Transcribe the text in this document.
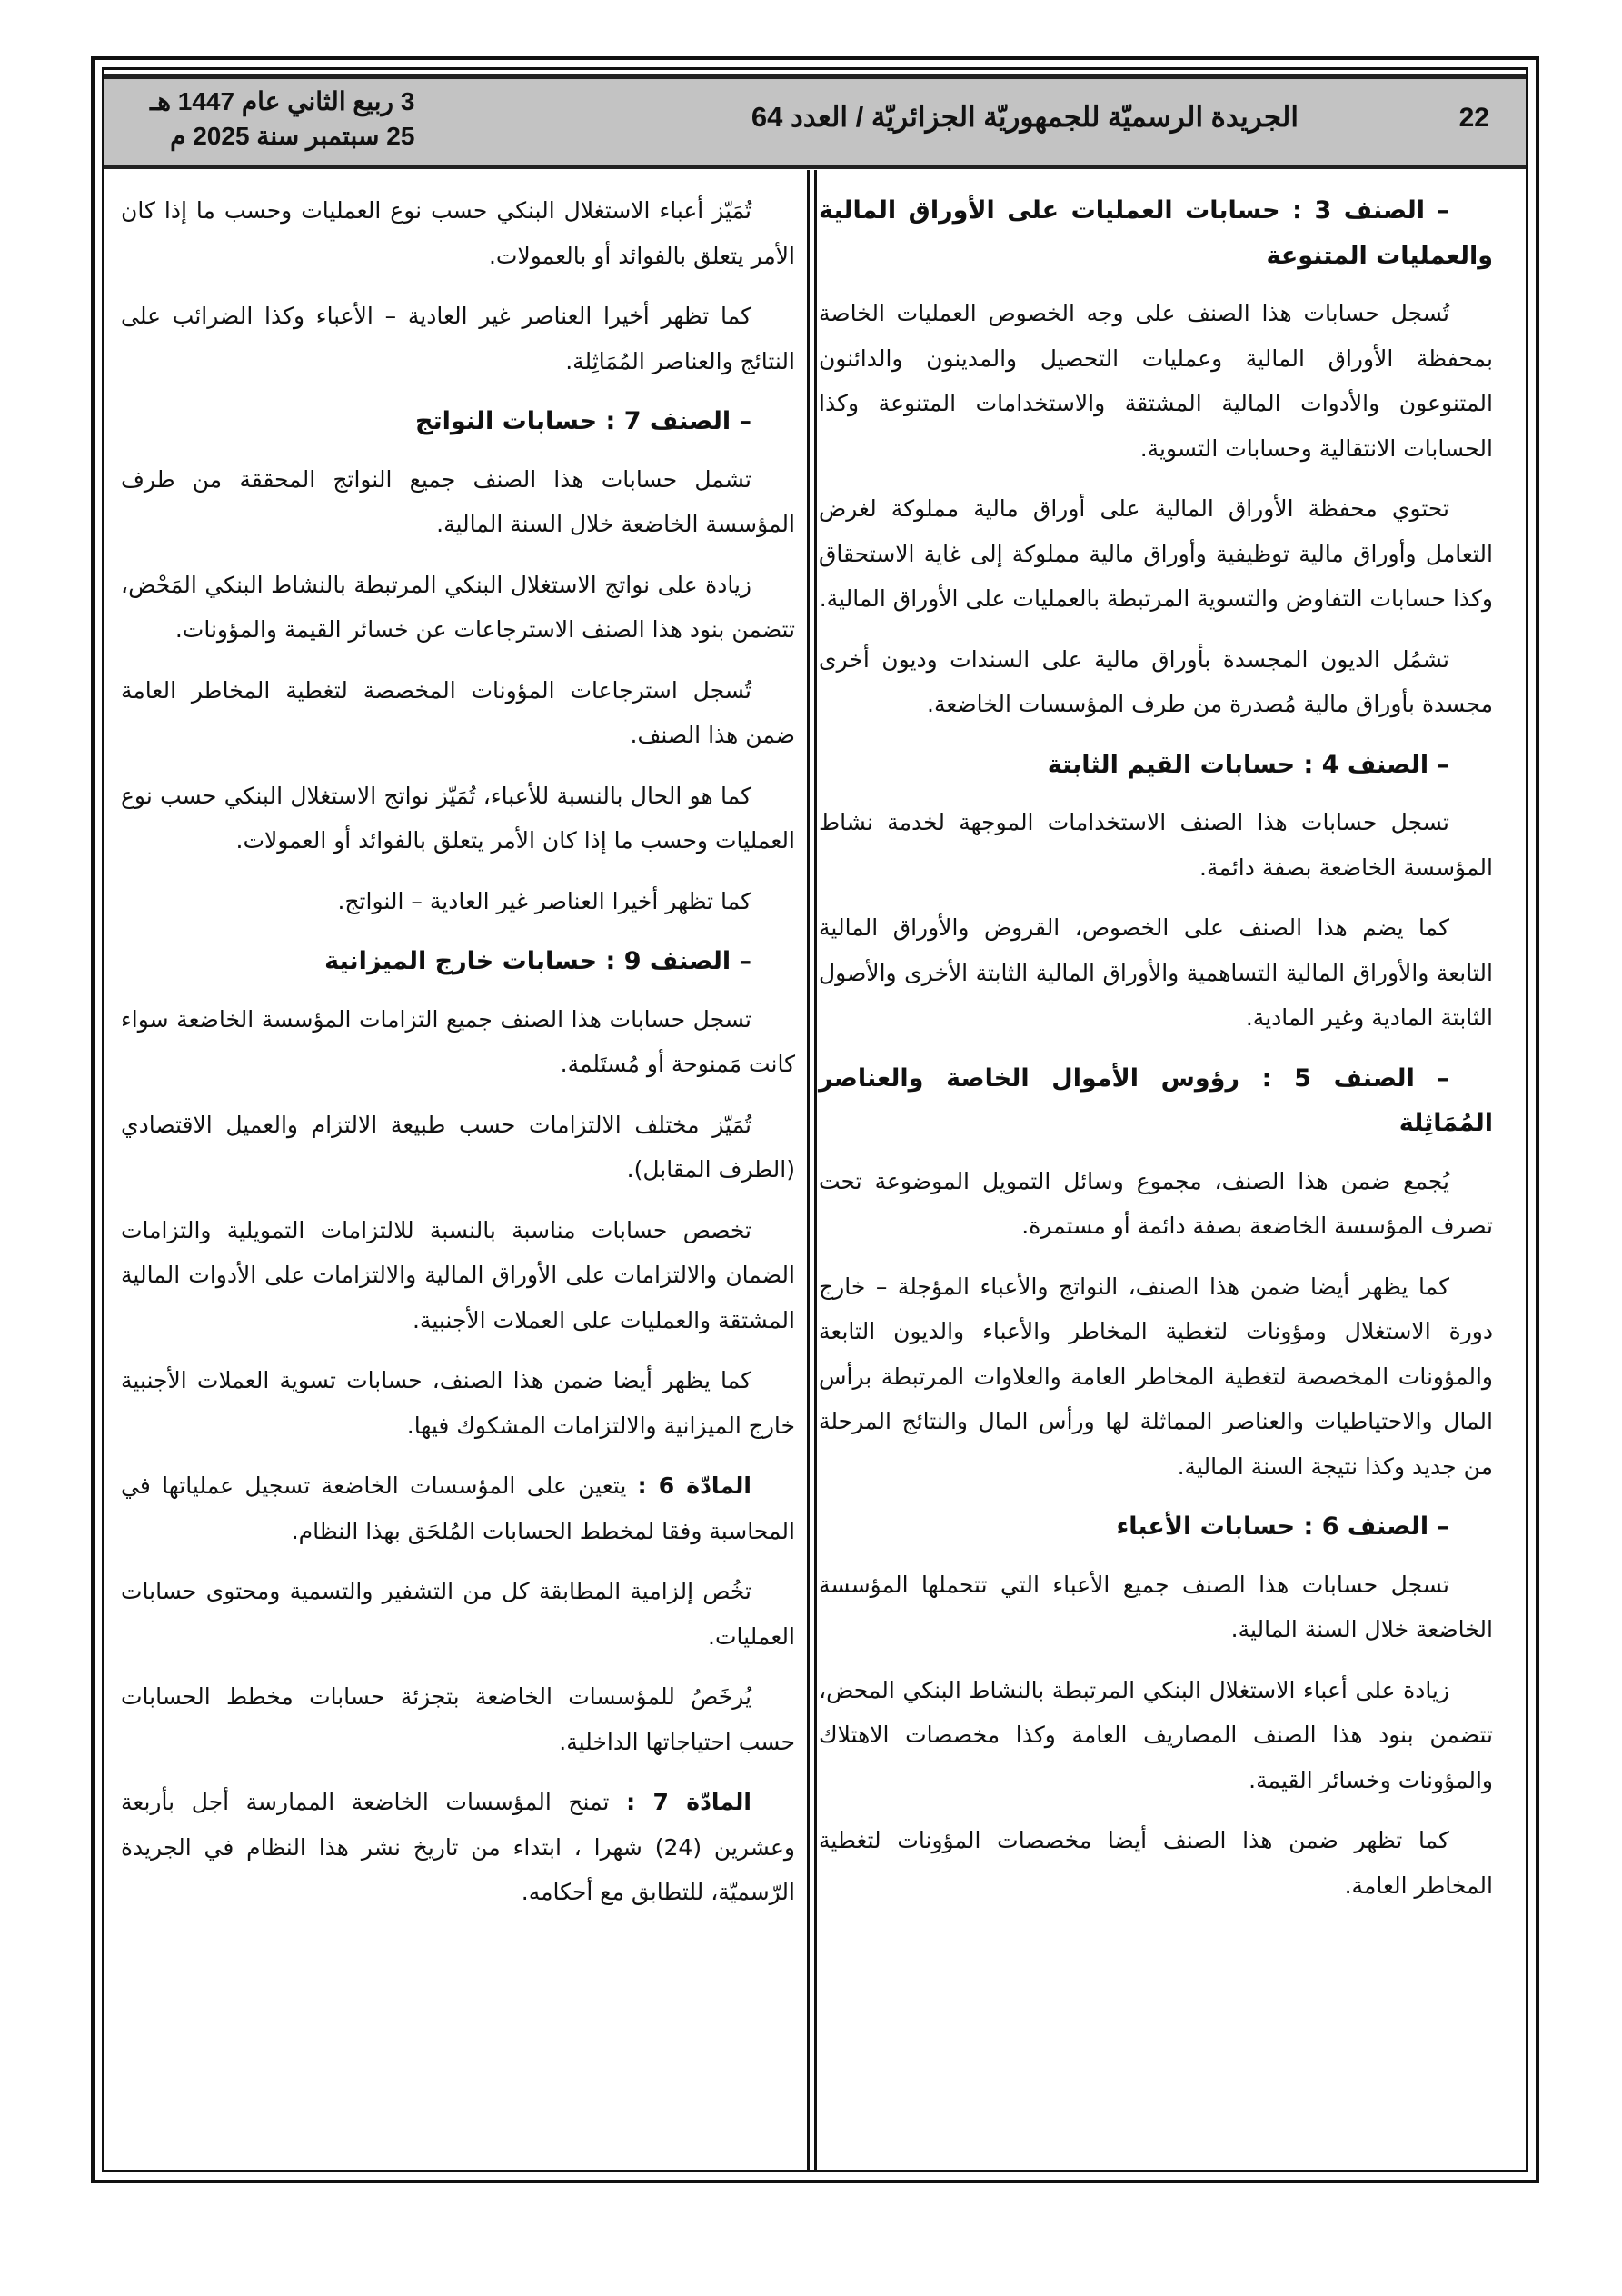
22
الجريدة الرسميّة للجمهوريّة الجزائريّة / العدد 64
3 ربيع الثاني عام 1447 هـ
25 سبتمبر سنة 2025 م

– الصنف 3 : حسابات العمليات على الأوراق المالية والعمليات المتنوعة

تُسجل حسابات هذا الصنف على وجه الخصوص العمليات الخاصة بمحفظة الأوراق المالية وعمليات التحصيل والمدينون والدائنون المتنوعون والأدوات المالية المشتقة والاستخدامات المتنوعة وكذا الحسابات الانتقالية وحسابات التسوية.

تحتوي محفظة الأوراق المالية على أوراق مالية مملوكة لغرض التعامل وأوراق مالية توظيفية وأوراق مالية مملوكة إلى غاية الاستحقاق وكذا حسابات التفاوض والتسوية المرتبطة بالعمليات على الأوراق المالية.

تشمُل الديون المجسدة بأوراق مالية على السندات وديون أخرى مجسدة بأوراق مالية مُصدرة من طرف المؤسسات الخاضعة.

– الصنف 4 : حسابات القيم الثابتة

تسجل حسابات هذا الصنف الاستخدامات الموجهة لخدمة نشاط المؤسسة الخاضعة بصفة دائمة.

كما يضم هذا الصنف على الخصوص، القروض والأوراق المالية التابعة والأوراق المالية التساهمية والأوراق المالية الثابتة الأخرى والأصول الثابتة المادية وغير المادية.

– الصنف 5 : رؤوس الأموال الخاصة والعناصر المُمَاثِلة

يُجمع ضمن هذا الصنف، مجموع وسائل التمويل الموضوعة تحت تصرف المؤسسة الخاضعة بصفة دائمة أو مستمرة.

كما يظهر أيضا ضمن هذا الصنف، النواتج والأعباء المؤجلة – خارج دورة الاستغلال ومؤونات لتغطية المخاطر والأعباء والديون التابعة والمؤونات المخصصة لتغطية المخاطر العامة والعلاوات المرتبطة برأس المال والاحتياطيات والعناصر المماثلة لها ورأس المال والنتائج المرحلة من جديد وكذا نتيجة السنة المالية.

– الصنف 6 : حسابات الأعباء

تسجل حسابات هذا الصنف جميع الأعباء التي تتحملها المؤسسة الخاضعة خلال السنة المالية.

زيادة على أعباء الاستغلال البنكي المرتبطة بالنشاط البنكي المحض، تتضمن بنود هذا الصنف المصاريف العامة وكذا مخصصات الاهتلاك والمؤونات وخسائر القيمة.

كما تظهر ضمن هذا الصنف أيضا مخصصات المؤونات لتغطية المخاطر العامة.

تُمَيّز أعباء الاستغلال البنكي حسب نوع العمليات وحسب ما إذا كان الأمر يتعلق بالفوائد أو بالعمولات.

كما تظهر أخيرا العناصر غير العادية – الأعباء وكذا الضرائب على النتائج والعناصر المُمَاثِلة.

– الصنف 7 : حسابات النواتج

تشمل حسابات هذا الصنف جميع النواتج المحققة من طرف المؤسسة الخاضعة خلال السنة المالية.

زيادة على نواتج الاستغلال البنكي المرتبطة بالنشاط البنكي المَحْض، تتضمن بنود هذا الصنف الاسترجاعات عن خسائر القيمة والمؤونات.

تُسجل استرجاعات المؤونات المخصصة لتغطية المخاطر العامة ضمن هذا الصنف.

كما هو الحال بالنسبة للأعباء، تُمَيّز نواتج الاستغلال البنكي حسب نوع العمليات وحسب ما إذا كان الأمر يتعلق بالفوائد أو العمولات.

كما تظهر أخيرا العناصر غير العادية – النواتج.

– الصنف 9 : حسابات خارج الميزانية

تسجل حسابات هذا الصنف جميع التزامات المؤسسة الخاضعة سواء كانت مَمنوحة أو مُستَلمة.

تُمَيّز مختلف الالتزامات حسب طبيعة الالتزام والعميل الاقتصادي (الطرف المقابل).

تخصص حسابات مناسبة بالنسبة للالتزامات التمويلية والتزامات الضمان والالتزامات على الأوراق المالية والالتزامات على الأدوات المالية المشتقة والعمليات على العملات الأجنبية.

كما يظهر أيضا ضمن هذا الصنف، حسابات تسوية العملات الأجنبية خارج الميزانية والالتزامات المشكوك فيها.

المادّة 6 : يتعين على المؤسسات الخاضعة تسجيل عملياتها في المحاسبة وفقا لمخطط الحسابات المُلحَق بهذا النظام.

تخُص إلزامية المطابقة كل من التشفير والتسمية ومحتوى حسابات العمليات.

يُرخَصُ للمؤسسات الخاضعة بتجزئة حسابات مخطط الحسابات حسب احتياجاتها الداخلية.

المادّة 7 : تمنح المؤسسات الخاضعة الممارسة أجل بأربعة وعشرين (24) شهرا ، ابتداء من تاريخ نشر هذا النظام في الجريدة الرّسميّة، للتطابق مع أحكامه.
